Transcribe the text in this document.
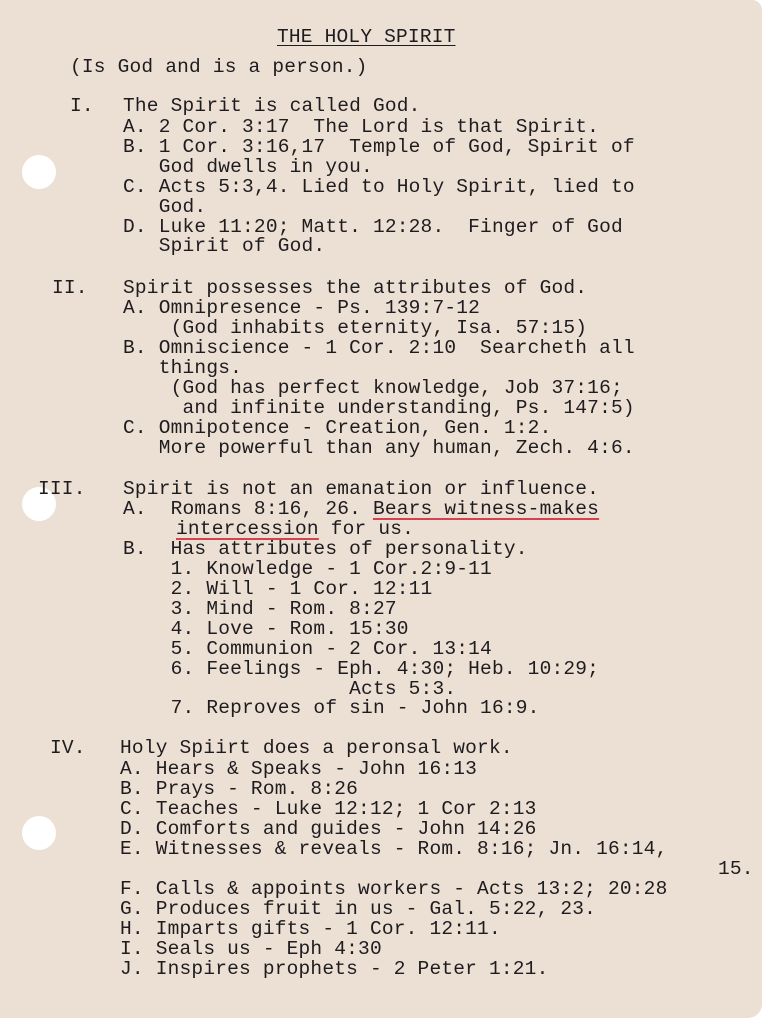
THE HOLY SPIRIT
(Is God and is a person.)
I. The Spirit is called God.
A. 2 Cor. 3:17  The Lord is that Spirit.
B. 1 Cor. 3:16,17  Temple of God, Spirit of
God dwells in you.
C. Acts 5:3,4. Lied to Holy Spirit, lied to
God.
D. Luke 11:20; Matt. 12:28.  Finger of God
Spirit of God.
II. Spirit possesses the attributes of God.
A. Omnipresence - Ps. 139:7-12
(God inhabits eternity, Isa. 57:15)
B. Omniscience - 1 Cor. 2:10  Searcheth all
things.
(God has perfect knowledge, Job 37:16;
and infinite understanding, Ps. 147:5)
C. Omnipotence - Creation, Gen. 1:2.
More powerful than any human, Zech. 4:6.
III. Spirit is not an emanation or influence.
A.  Romans 8:16, 26. Bears witness-makes
intercession for us.
B.  Has attributes of personality.
1. Knowledge - 1 Cor.2:9-11
2. Will - 1 Cor. 12:11
3. Mind - Rom. 8:27
4. Love - Rom. 15:30
5. Communion - 2 Cor. 13:14
6. Feelings - Eph. 4:30; Heb. 10:29;
Acts 5:3.
7. Reproves of sin - John 16:9.
IV. Holy Spiirt does a peronsal work.
A. Hears & Speaks - John 16:13
B. Prays - Rom. 8:26
C. Teaches - Luke 12:12; 1 Cor 2:13
D. Comforts and guides - John 14:26
E. Witnesses & reveals - Rom. 8:16; Jn. 16:14,
15.
F. Calls & appoints workers - Acts 13:2; 20:28
G. Produces fruit in us - Gal. 5:22, 23.
H. Imparts gifts - 1 Cor. 12:11.
I. Seals us - Eph 4:30
J. Inspires prophets - 2 Peter 1:21.
